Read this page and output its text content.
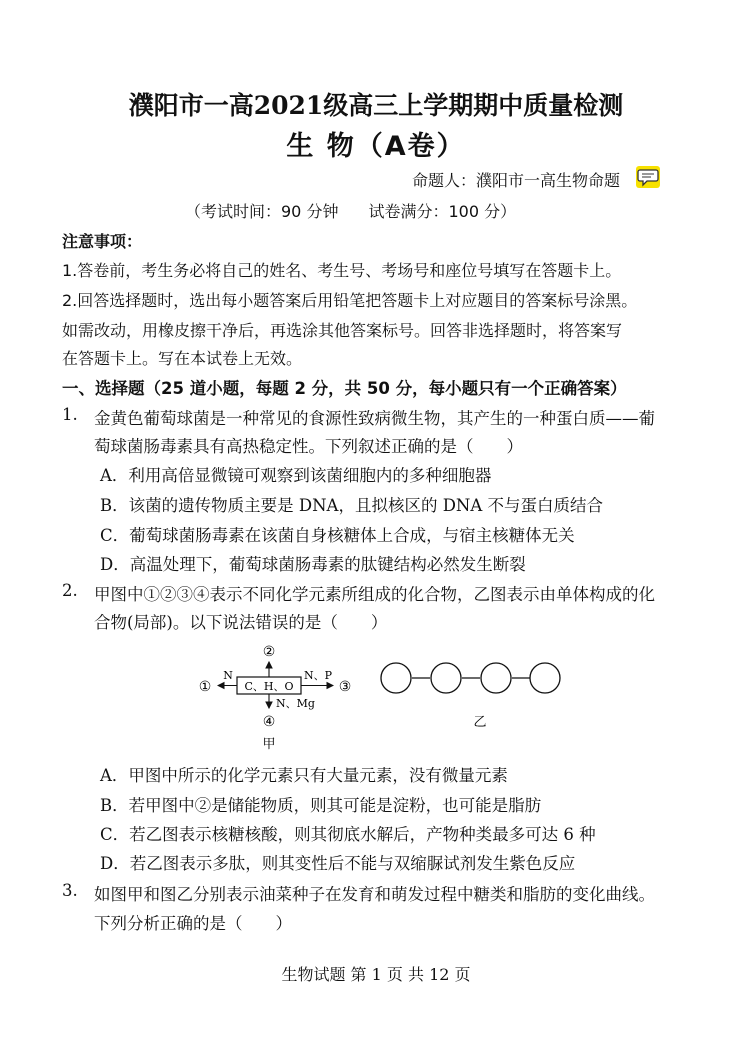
濮阳市一高2021级高三上学期期中质量检测
生 物（A卷）
命题人：濮阳市一高生物命题
（考试时间：90 分钟 试卷满分：100 分）
注意事项：
1.答卷前，考生务必将自己的姓名、考生号、考场号和座位号填写在答题卡上。
2.回答选择题时，选出每小题答案后用铅笔把答题卡上对应题目的答案标号涂黑。
如需改动，用橡皮擦干净后，再选涂其他答案标号。回答非选择题时，将答案写
在答题卡上。写在本试卷上无效。
一、选择题（25 道小题，每题 2 分，共 50 分，每小题只有一个正确答案）
1. 金黄色葡萄球菌是一种常见的食源性致病微生物，其产生的一种蛋白质——葡
萄球菌肠毒素具有高热稳定性。下列叙述正确的是（　　）
A．利用高倍显微镜可观察到该菌细胞内的多种细胞器
B．该菌的遗传物质主要是 DNA，且拟核区的 DNA 不与蛋白质结合
C．葡萄球菌肠毒素在该菌自身核糖体上合成，与宿主核糖体无关
D．高温处理下，葡萄球菌肠毒素的肽键结构必然发生断裂
2. 甲图中①②③④表示不同化学元素所组成的化合物，乙图表示由单体构成的化
合物(局部)。以下说法错误的是（　　）
C、H、O
N
①
N、P
③
②
N、Mg
④
甲
乙
A．甲图中所示的化学元素只有大量元素，没有微量元素
B．若甲图中②是储能物质，则其可能是淀粉，也可能是脂肪
C．若乙图表示核糖核酸，则其彻底水解后，产物种类最多可达 6 种
D．若乙图表示多肽，则其变性后不能与双缩脲试剂发生紫色反应
3. 如图甲和图乙分别表示油菜种子在发育和萌发过程中糖类和脂肪的变化曲线。
下列分析正确的是（　　）
生物试题 第 1 页 共 12 页
